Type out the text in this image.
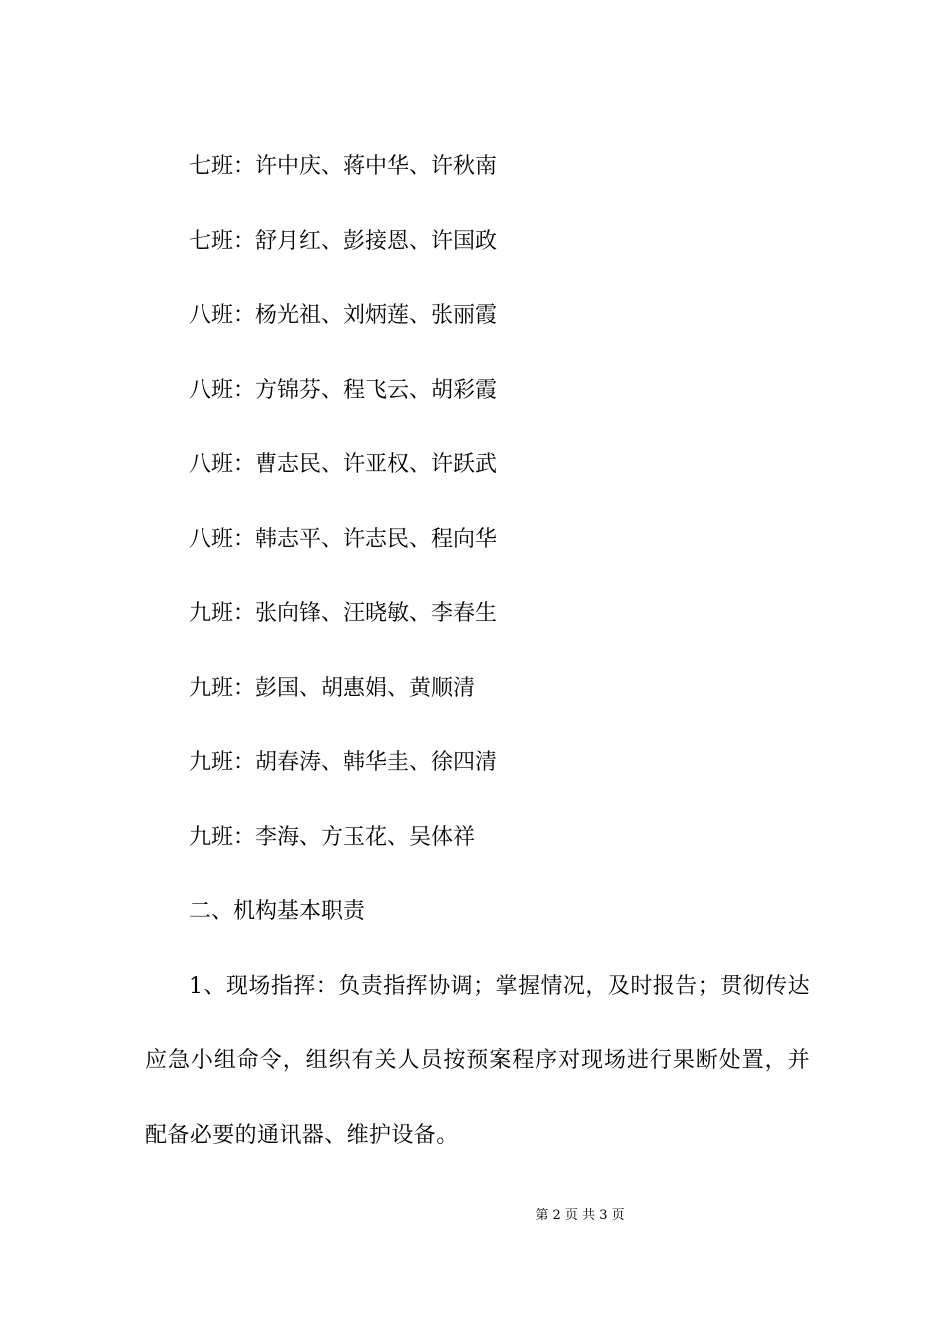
七班：许中庆、蒋中华、许秋南
七班：舒月红、彭接恩、许国政
八班：杨光祖、刘炳莲、张丽霞
八班：方锦芬、程飞云、胡彩霞
八班：曹志民、许亚权、许跃武
八班：韩志平、许志民、程向华
九班：张向锋、汪晓敏、李春生
九班：彭国、胡惠娟、黄顺清
九班：胡春涛、韩华圭、徐四清
九班：李海、方玉花、吴体祥
二、机构基本职责

1、现场指挥：负责指挥协调；掌握情况，及时报告；贯彻传达应急小组命令，组织有关人员按预案程序对现场进行果断处置，并配备必要的通讯器、维护设备。

第 2 页 共 3 页
